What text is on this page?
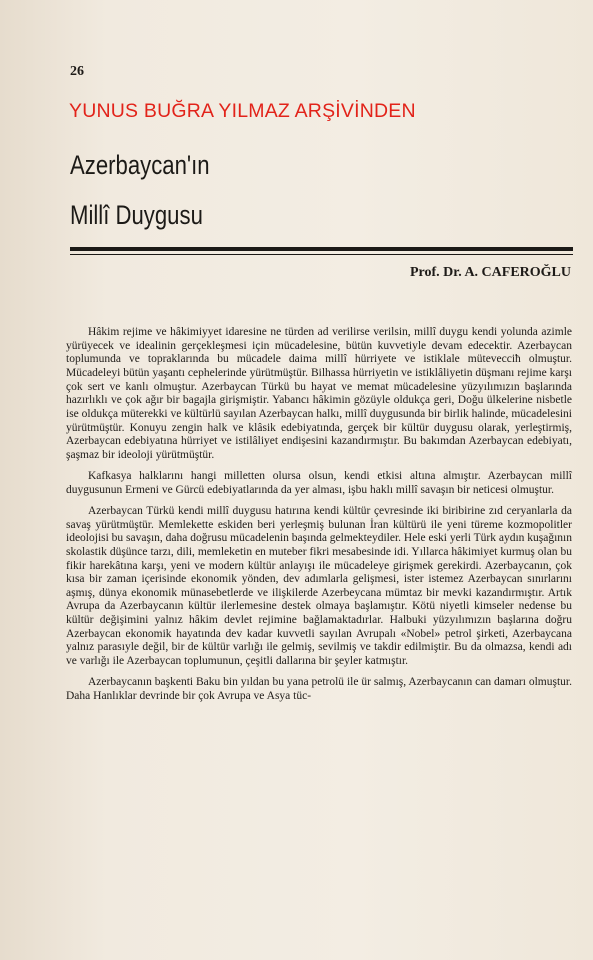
26
YUNUS BUĞRA YILMAZ ARŞİVİNDEN
Azerbaycan'ın
Millî Duygusu
Prof. Dr. A. CAFEROĞLU

Hâkim rejime ve hâkimiyyet idaresine ne türden ad verilirse verilsin, millî duygu kendi yolunda azimle yürüyecek ve idealinin gerçekleşmesi için mücadelesine, bütün kuvvetiyle devam edecektir. Azerbaycan toplumunda ve topraklarında bu mücadele daima millî hürriyete ve istiklale mütevecciħ olmuştur. Mücadeleyi bütün yaşantı cephelerinde yürütmüştür. Bilhassa hürriyetin ve istiklâliyetin düşmanı rejime karşı çok sert ve kanlı olmuştur. Azerbaycan Türkü bu hayat ve memat mücadelesine yüzyılımızın başlarında hazırlıklı ve çok ağır bir bagajla girişmiştir. Yabancı hâkimin gözüyle oldukça geri, Doğu ülkelerine nisbetle ise oldukça müterekki ve kültürlü sayılan Azerbaycan halkı, millî duygusunda bir birlik halinde, mücadelesini yürütmüştür. Konuyu zengin halk ve klâsik edebiyatında, gerçek bir kültür duygusu olarak, yerleştirmiş, Azerbaycan edebiyatına hürriyet ve istilâliyet endişesini kazandırmıştır. Bu bakımdan Azerbaycan edebiyatı, şaşmaz bir ideoloji yürütmüştür.

Kafkasya halklarını hangi milletten olursa olsun, kendi etkisi altına almıştır. Azerbaycan millî duygusunun Ermeni ve Gürcü edebiyatlarında da yer alması, işbu haklı millî savaşın bir neticesi olmuştur.

Azerbaycan Türkü kendi millî duygusu hatırına kendi kültür çevresinde iki biribirine zıd ceryanlarla da savaş yürütmüştür. Memlekette eskiden beri yerleşmiş bulunan İran kültürü ile yeni türeme kozmopolitler ideolojisi bu savaşın, daha doğrusu mücadelenin başında gelmekteydiler. Hele eski yerli Türk aydın kuşağının skolastik düşünce tarzı, dili, memleketin en muteber fikri mesabesinde idi. Yıllarca hâkimiyet kurmuş olan bu fikir harekâtına karşı, yeni ve modern kültür anlayışı ile mücadeleye girişmek gerekirdi. Azerbaycanın, çok kısa bir zaman içerisinde ekonomik yönden, dev adımlarla gelişmesi, ister istemez Azerbaycan sınırlarını aşmış, dünya ekonomik münasebetlerde ve ilişkilerde Azerbeycana mümtaz bir mevki kazandırmıştır. Artık Avrupa da Azerbaycanın kültür ilerlemesine destek olmaya başlamıştır. Kötü niyetli kimseler nedense bu kültür değişimini yalnız hâkim devlet rejimine bağlamaktadırlar. Halbuki yüzyılımızın başlarına doğru Azerbaycan ekonomik hayatında dev kadar kuvvetli sayılan Avrupalı «Nobel» petrol şirketi, Azerbaycana yalnız parasıyle değil, bir de kültür varlığı ile gelmiş, sevilmiş ve takdir edilmiştir. Bu da olmazsa, kendi adı ve varlığı ile Azerbaycan toplumunun, çeşitli dallarına bir şeyler katmıştır.

Azerbaycanın başkenti Baku bin yıldan bu yana petrolü ile ür salmış, Azerbaycanın can damarı olmuştur. Daha Hanlıklar devrinde bir çok Avrupa ve Asya tüc-
